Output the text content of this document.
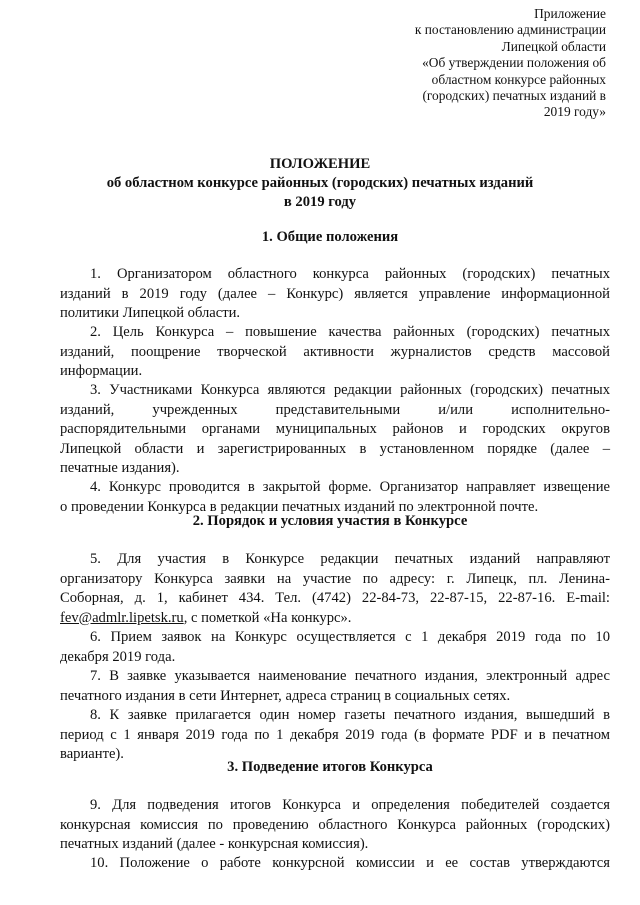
Приложение
к постановлению администрации
Липецкой области
«Об утверждении положения об
областном конкурсе районных
(городских) печатных изданий в
2019 году»
ПОЛОЖЕНИЕ
об областном конкурсе районных (городских) печатных изданий
в 2019 году
1. Общие положения
1. Организатором областного конкурса районных (городских) печатных
изданий в 2019 году (далее – Конкурс) является управление информационной
политики Липецкой области.
2. Цель Конкурса – повышение качества районных (городских) печатных
изданий, поощрение творческой активности журналистов средств массовой
информации.
3. Участниками Конкурса являются редакции районных (городских) печатных
изданий, учрежденных представительными и/или исполнительно-
распорядительными органами муниципальных районов и городских округов
Липецкой области и зарегистрированных в установленном порядке (далее –
печатные издания).
4. Конкурс проводится в закрытой форме. Организатор направляет извещение
о проведении Конкурса в редакции печатных изданий по электронной почте.
2. Порядок и условия участия в Конкурсе
5. Для участия в Конкурсе редакции печатных изданий направляют
организатору Конкурса заявки на участие по адресу: г. Липецк, пл. Ленина-
Соборная, д. 1, кабинет 434. Тел. (4742) 22-84-73, 22-87-15, 22-87-16. E-mail:
fev@admlr.lipetsk.ru, с пометкой «На конкурс».
6. Прием заявок на Конкурс осуществляется с 1 декабря 2019 года по 10
декабря 2019 года.
7. В заявке указывается наименование печатного издания, электронный адрес
печатного издания в сети Интернет, адреса страниц в социальных сетях.
8. К заявке прилагается один номер газеты печатного издания, вышедший в
период с 1 января 2019 года по 1 декабря 2019 года (в формате PDF и в печатном
варианте).
3. Подведение итогов Конкурса
9. Для подведения итогов Конкурса и определения победителей создается
конкурсная комиссия по проведению областного Конкурса районных (городских)
печатных изданий (далее - конкурсная комиссия).
10. Положение о работе конкурсной комиссии и ее состав утверждаются
